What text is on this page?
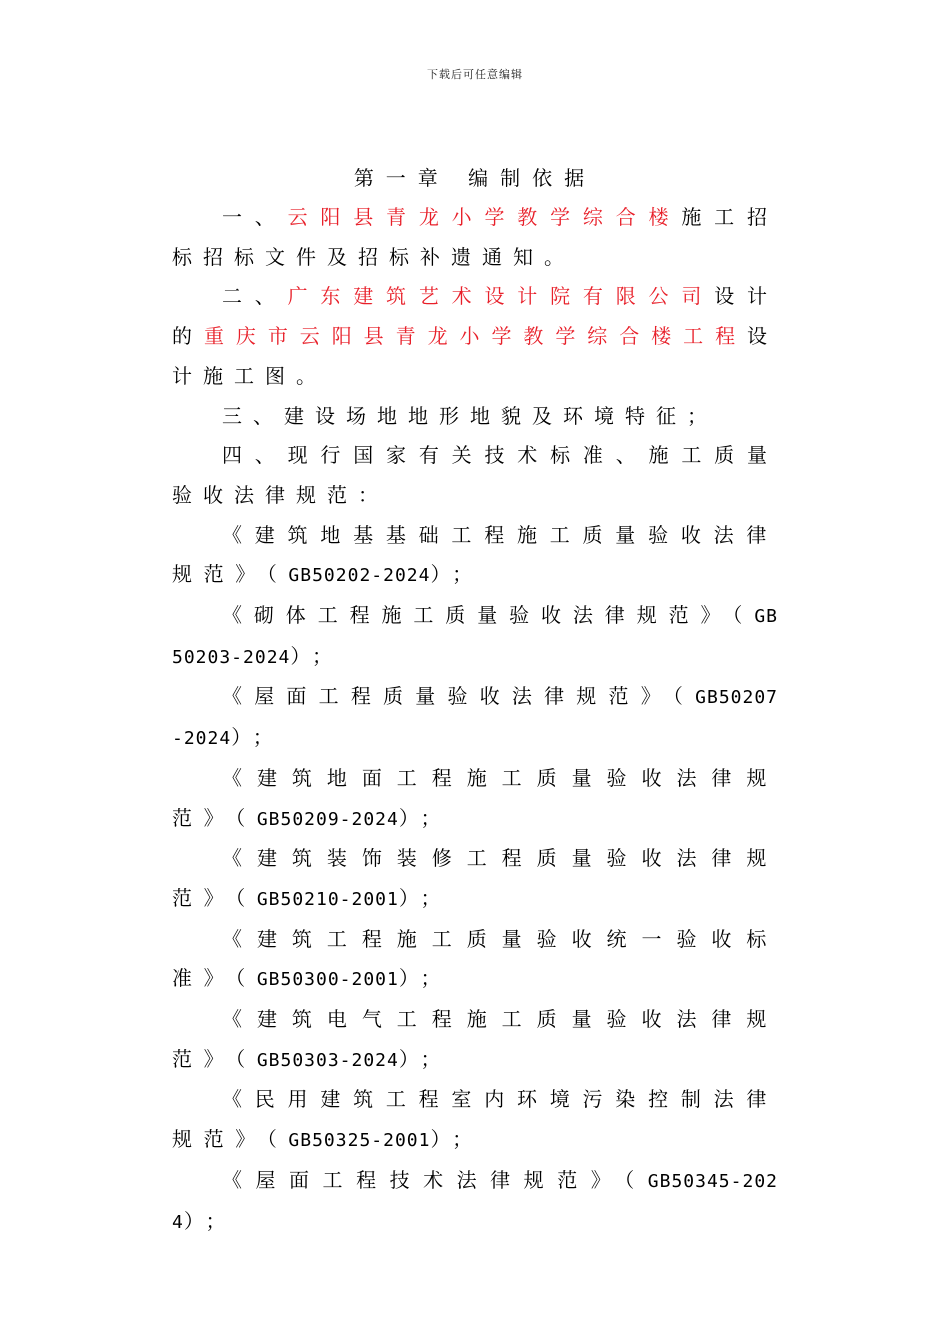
下载后可任意编辑
第一章 编制依据

一、云阳县青龙小学教学综合楼施工招标招标文件及招标补遗通知。

二、广东建筑艺术设计院有限公司设计的重庆市云阳县青龙小学教学综合楼工程设计施工图。

三、建设场地地形地貌及环境特征；

四、现行国家有关技术标准、施工质量验收法律规范：

《建筑地基基础工程施工质量验收法律规范》（GB50202-2024）；

《砌体工程施工质量验收法律规范》（GB50203-2024）；

《屋面工程质量验收法律规范》（GB50207-2024）；

《建筑地面工程施工质量验收法律规范》（GB50209-2024）；

《建筑装饰装修工程质量验收法律规范》（GB50210-2001）；

《建筑工程施工质量验收统一验收标准》（GB50300-2001）；

《建筑电气工程施工质量验收法律规范》（GB50303-2024）；

《民用建筑工程室内环境污染控制法律规范》（GB50325-2001）；

《屋面工程技术法律规范》（GB50345-2024）；
